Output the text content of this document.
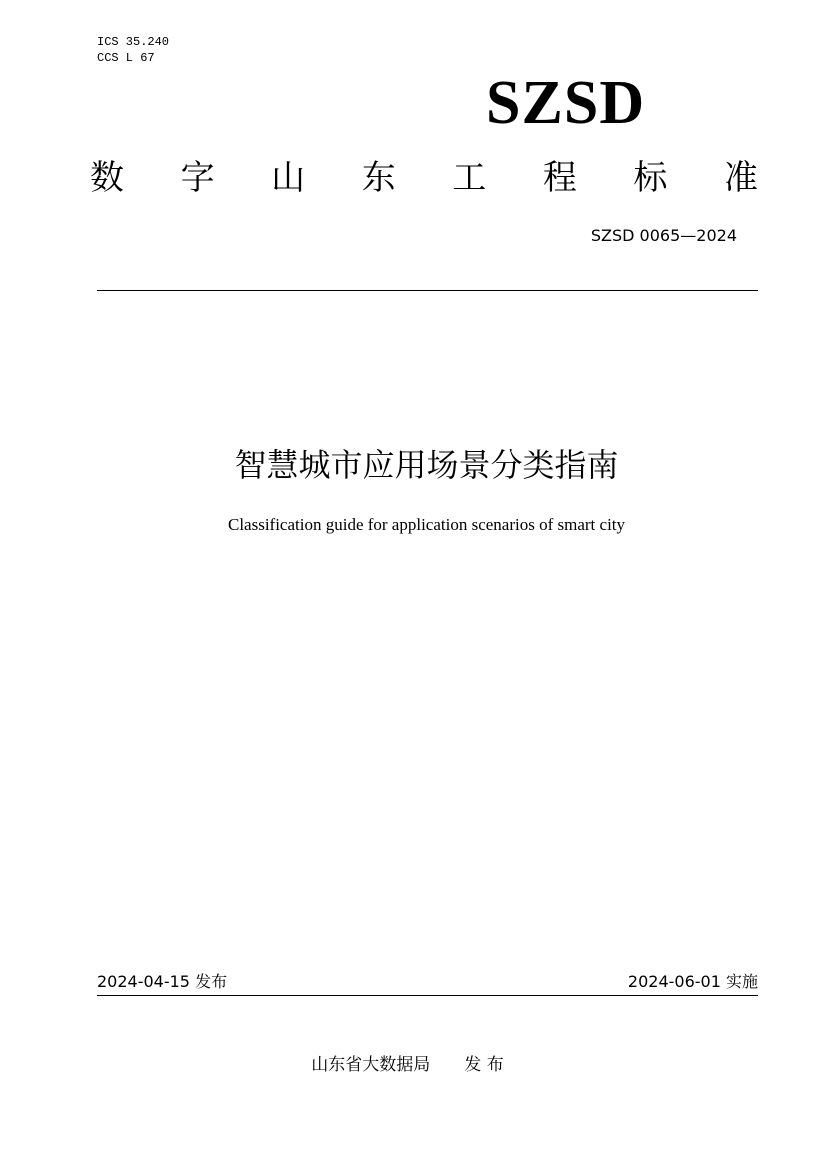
ICS 35.240
CCS L 67
SZSD
数 字 山 东 工 程 标 准
SZSD 0065—2024
智慧城市应用场景分类指南
Classification guide for application scenarios of smart city
2024-04-15 发布	2024-06-01 实施
山东省大数据局　　发 布
